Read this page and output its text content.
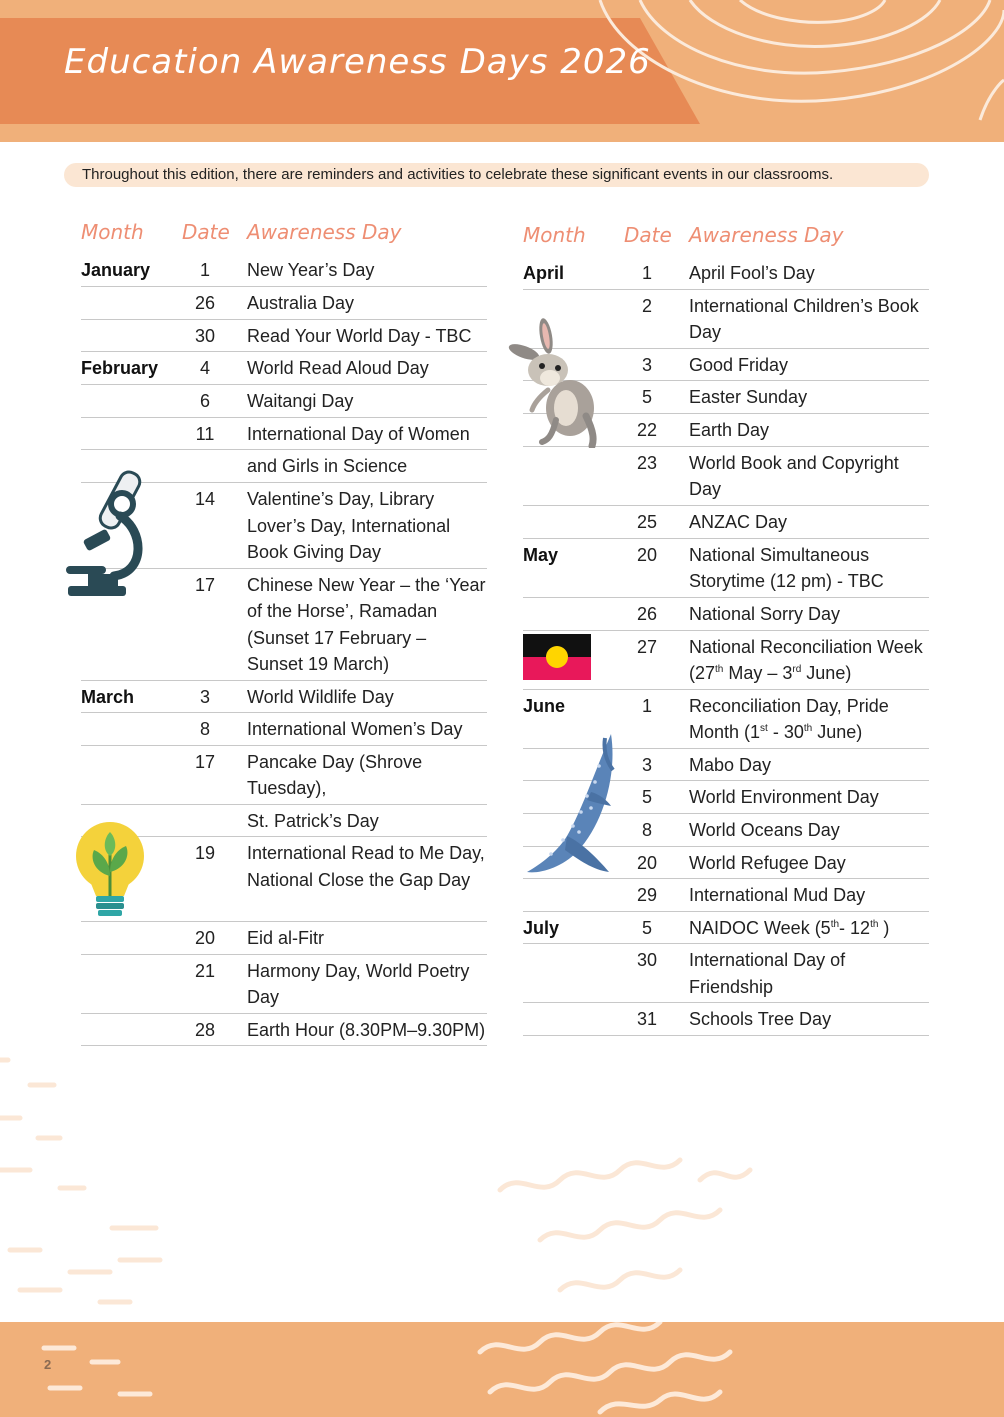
Education Awareness Days 2026
Throughout this edition, there are reminders and activities to celebrate these significant events in our classrooms.
Month Date Awareness Day
January	1	New Year’s Day
26	Australia Day
30	Read Your World Day - TBC
February	4	World Read Aloud Day
6	Waitangi Day
11	International Day of Women
and Girls in Science
14	Valentine’s Day, Library Lover’s Day, International Book Giving Day
17	Chinese New Year – the ‘Year of the Horse’, Ramadan (Sunset 17 February – Sunset 19 March)
March	3	World Wildlife Day
8	International Women’s Day
17	Pancake Day (Shrove Tuesday),
St. Patrick’s Day
19	International Read to Me Day, National Close the Gap Day
20	Eid al-Fitr
21	Harmony Day, World Poetry Day
28	Earth Hour (8.30PM–9.30PM)
Month Date Awareness Day
April	1	April Fool’s Day
2	International Children’s Book Day
3	Good Friday
5	Easter Sunday
22	Earth Day
23	World Book and Copyright Day
25	ANZAC Day
May	20	National Simultaneous Storytime (12 pm) - TBC
26	National Sorry Day
27	National Reconciliation Week (27th May – 3rd June)
June	1	Reconciliation Day, Pride Month (1st - 30th June)
3	Mabo Day
5	World Environment Day
8	World Oceans Day
20	World Refugee Day
29	International Mud Day
July	5	NAIDOC Week (5th- 12th )
30	International Day of Friendship
31	Schools Tree Day
2
